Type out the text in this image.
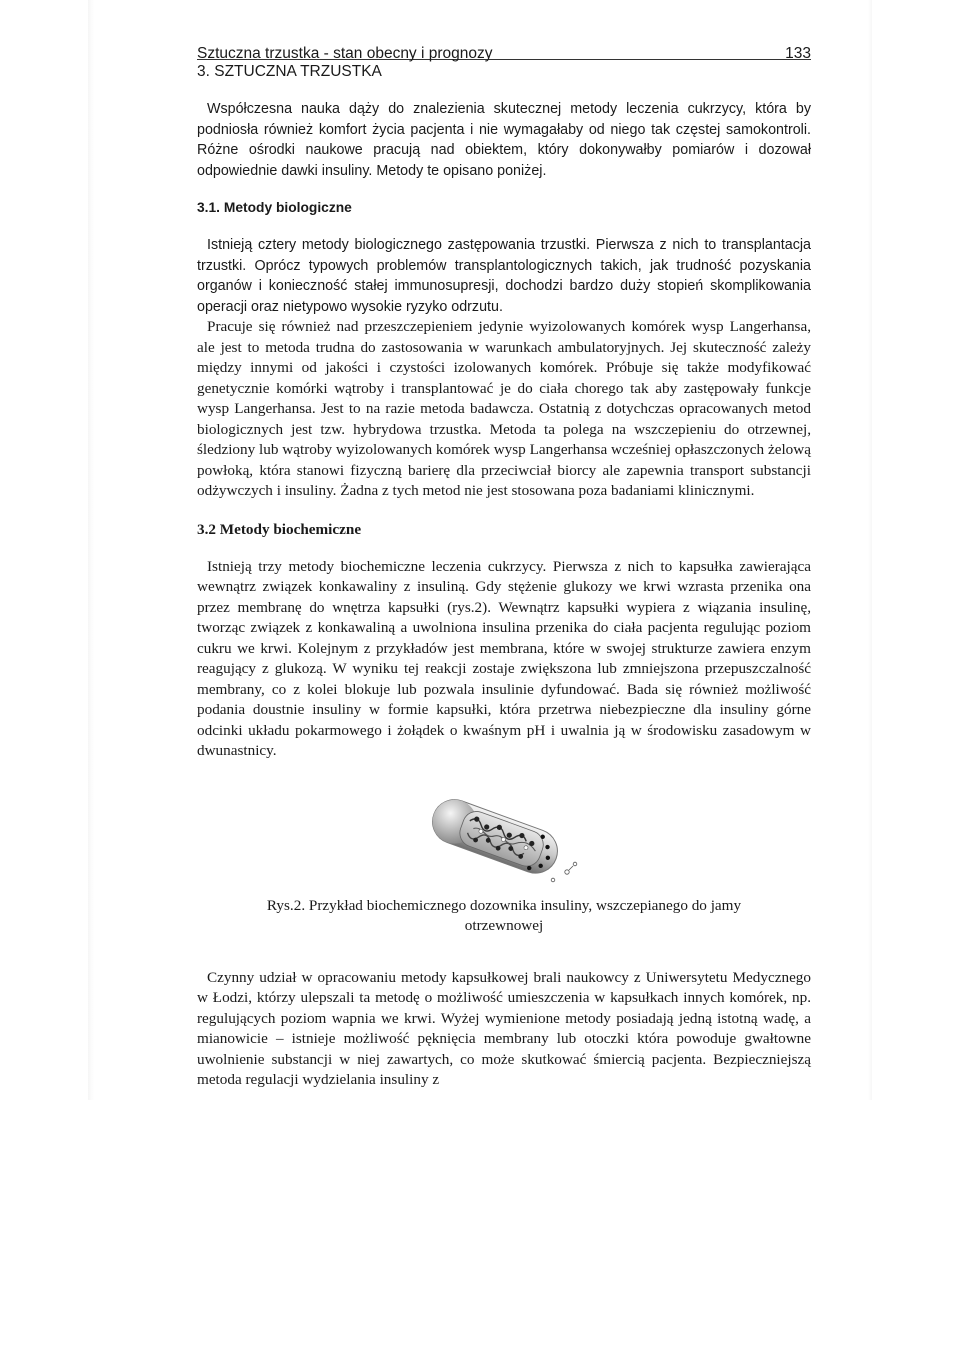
Sztuczna trzustka - stan obecny i prognozy	133
3. SZTUCZNA TRZUSTKA

Współczesna nauka dąży do znalezienia skutecznej metody leczenia cukrzycy, która by podniosła również komfort życia pacjenta i nie wymagałaby od niego tak częstej samokontroli. Różne ośrodki naukowe pracują nad obiektem, który dokonywałby pomiarów i dozował odpowiednie dawki insuliny. Metody te opisano poniżej.

3.1. Metody biologiczne

Istnieją cztery metody biologicznego zastępowania trzustki. Pierwsza z nich to transplantacja trzustki. Oprócz typowych problemów transplantologicznych takich, jak trudność pozyskania organów i konieczność stałej immunosupresji, dochodzi bardzo duży stopień skomplikowania operacji oraz nietypowo wysokie ryzyko odrzutu.

Pracuje się również nad przeszczepieniem jedynie wyizolowanych komórek wysp Langerhansa, ale jest to metoda trudna do zastosowania w warunkach ambulatoryjnych. Jej skuteczność zależy między innymi od jakości i czystości izolowanych komórek. Próbuje się także modyfikować genetycznie komórki wątroby i transplantować je do ciała chorego tak aby zastępowały funkcje wysp Langerhansa. Jest to na razie metoda badawcza. Ostatnią z dotychczas opracowanych metod biologicznych jest tzw. hybrydowa trzustka. Metoda ta polega na wszczepieniu do otrzewnej, śledziony lub wątroby wyizolowanych komórek wysp Langerhansa wcześniej opłaszczonych żelową powłoką, która stanowi fizyczną barierę dla przeciwciał biorcy ale zapewnia transport substancji odżywczych i insuliny. Żadna z tych metod nie jest stosowana poza badaniami klinicznymi.

3.2 Metody biochemiczne

Istnieją trzy metody biochemiczne leczenia cukrzycy. Pierwsza z nich to kapsułka zawierająca wewnątrz związek konkawaliny z insuliną. Gdy stężenie glukozy we krwi wzrasta przenika ona przez membranę do wnętrza kapsułki (rys.2). Wewnątrz kapsułki wypiera z wiązania insulinę, tworząc związek z konkawaliną a uwolniona insulina przenika do ciała pacjenta regulując poziom cukru we krwi. Kolejnym z przykładów jest membrana, które w swojej strukturze zawiera enzym reagujący z glukozą. W wyniku tej reakcji zostaje zwiększona lub zmniejszona przepuszczalność membrany, co z kolei blokuje lub pozwala insulinie dyfundować. Bada się również możliwość podania doustnie insuliny w formie kapsułki, która przetrwa niebezpieczne dla insuliny górne odcinki układu pokarmowego i żołądek o kwaśnym pH i uwalnia ją w środowisku zasadowym w dwunastnicy.

Rys.2. Przykład biochemicznego dozownika insuliny, wszczepianego do jamy otrzewnowej

Czynny udział w opracowaniu metody kapsułkowej brali naukowcy z Uniwersytetu Medycznego w Łodzi, którzy ulepszali ta metodę o możliwość umieszczenia w kapsułkach innych komórek, np. regulujących poziom wapnia we krwi. Wyżej wymienione metody posiadają jedną istotną wadę, a mianowicie – istnieje możliwość pęknięcia membrany lub otoczki która powoduje gwałtowne uwolnienie substancji w niej zawartych, co może skutkować śmiercią pacjenta. Bezpieczniejszą metoda regulacji wydzielania insuliny z
